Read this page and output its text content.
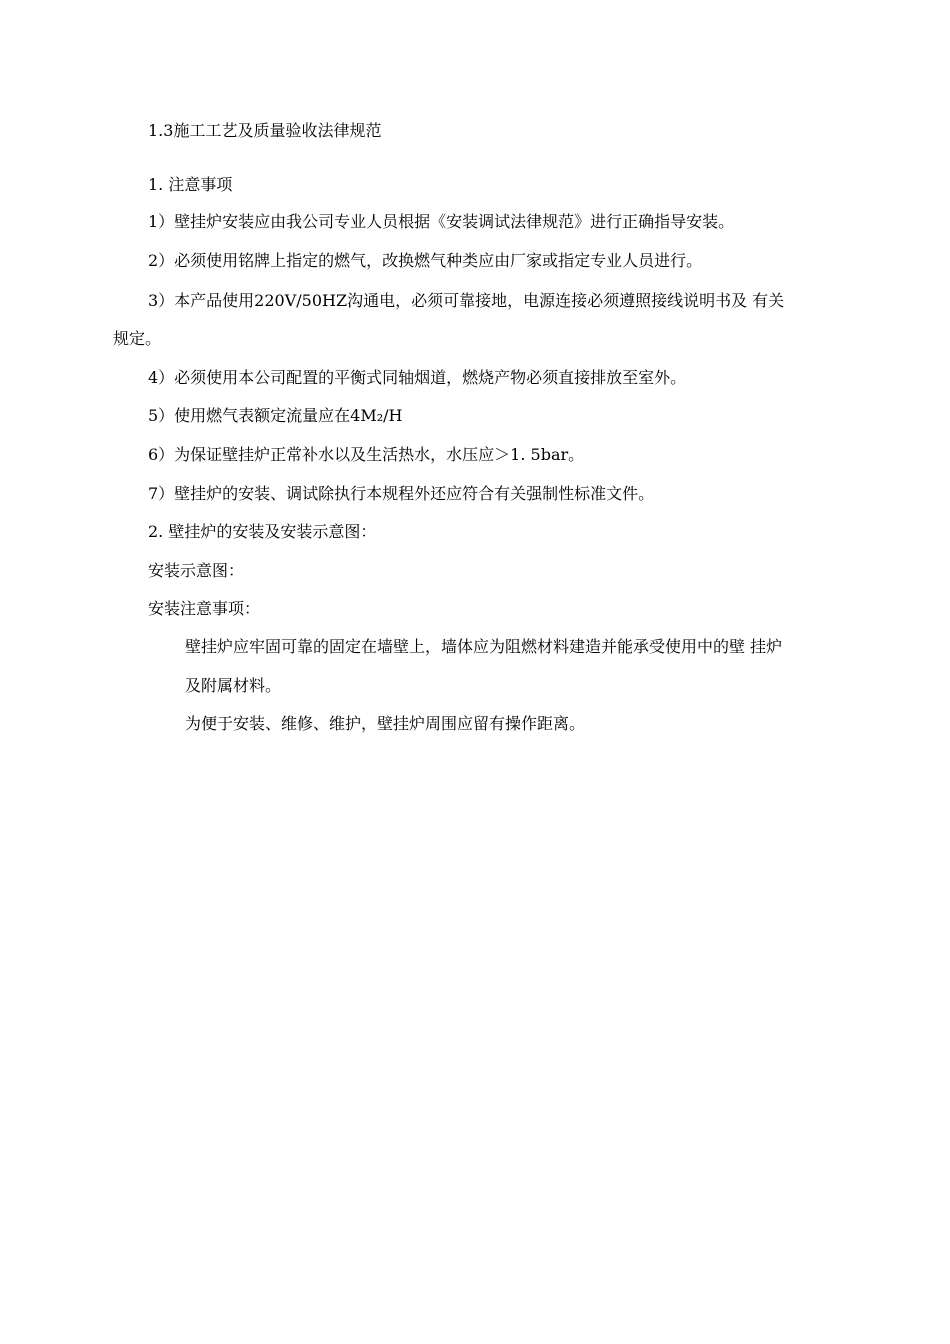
1.3施工工艺及质量验收法律规范
1. 注意事项
1）壁挂炉安装应由我公司专业人员根据《安装调试法律规范》进行正确指导安装。
2）必须使用铭牌上指定的燃气，改换燃气种类应由厂家或指定专业人员进行。
3）本产品使用220V/50HZ沟通电，必须可靠接地，电源连接必须遵照接线说明书及 有关
规定。
4）必须使用本公司配置的平衡式同轴烟道，燃烧产物必须直接排放至室外。
5）使用燃气表额定流量应在4M₂/H
6）为保证壁挂炉正常补水以及生活热水，水压应＞1. 5bar。
7）壁挂炉的安装、调试除执行本规程外还应符合有关强制性标准文件。
2. 壁挂炉的安装及安装示意图：
安装示意图：
安装注意事项：
壁挂炉应牢固可靠的固定在墙壁上，墙体应为阻燃材料建造并能承受使用中的壁 挂炉
及附属材料。
为便于安装、维修、维护，壁挂炉周围应留有操作距离。
